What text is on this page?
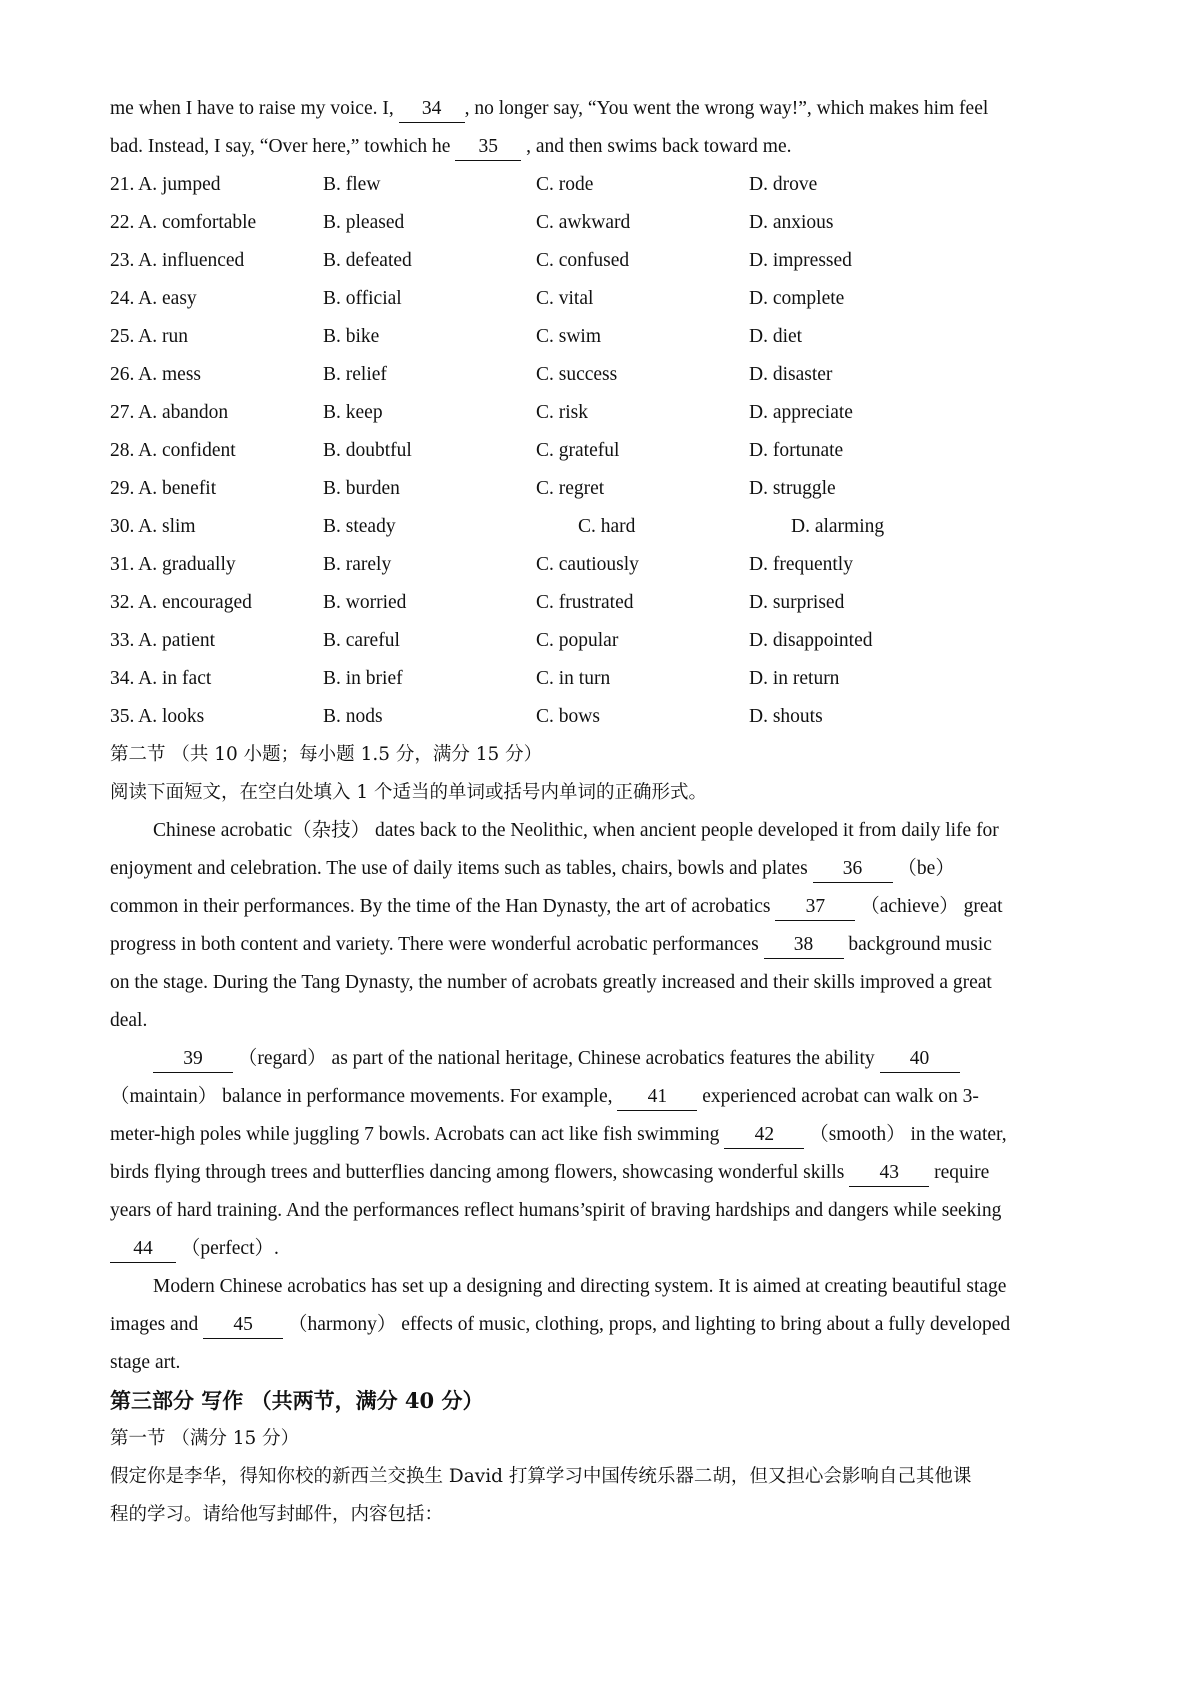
me when I have to raise my voice. I, 34 , no longer say, “You went the wrong way!”, which makes him feel
bad. Instead, I say, “Over here,” towhich he 35 , and then swims back toward me.
21. A. jumped	B. flew	C. rode	D. drove
22. A. comfortable	B. pleased	C. awkward	D. anxious
23. A. influenced	B. defeated	C. confused	D. impressed
24. A. easy	B. official	C. vital	D. complete
25. A. run	B. bike	C. swim	D. diet
26. A. mess	B. relief	C. success	D. disaster
27. A. abandon	B. keep	C. risk	D. appreciate
28. A. confident	B. doubtful	C. grateful	D. fortunate
29. A. benefit	B. burden	C. regret	D. struggle
30. A. slim	B. steady	C. hard	D. alarming
31. A. gradually	B. rarely	C. cautiously	D. frequently
32. A. encouraged	B. worried	C. frustrated	D. surprised
33. A. patient	B. careful	C. popular	D. disappointed
34. A. in fact	B. in brief	C. in turn	D. in return
35. A. looks	B. nods	C. bows	D. shouts
第二节 （共 10 小题；每小题 1.5 分，满分 15 分）
阅读下面短文，在空白处填入 1 个适当的单词或括号内单词的正确形式。
Chinese acrobatic（杂技） dates back to the Neolithic, when ancient people developed it from daily life for
enjoyment and celebration. The use of daily items such as tables, chairs, bowls and plates 36 （be）
common in their performances. By the time of the Han Dynasty, the art of acrobatics 37 （achieve） great
progress in both content and variety. There were wonderful acrobatic performances 38 background music
on the stage. During the Tang Dynasty, the number of acrobats greatly increased and their skills improved a great
deal.
39 （regard） as part of the national heritage, Chinese acrobatics features the ability 40
（maintain） balance in performance movements. For example, 41 experienced acrobat can walk on 3-
meter-high poles while juggling 7 bowls. Acrobats can act like fish swimming 42 （smooth） in the water,
birds flying through trees and butterflies dancing among flowers, showcasing wonderful skills 43 require
years of hard training. And the performances reflect humans’spirit of braving hardships and dangers while seeking
44 （perfect）.
Modern Chinese acrobatics has set up a designing and directing system. It is aimed at creating beautiful stage
images and 45 （harmony） effects of music, clothing, props, and lighting to bring about a fully developed
stage art.
第三部分 写作 （共两节，满分 40 分）
第一节 （满分 15 分）
假定你是李华，得知你校的新西兰交换生 David 打算学习中国传统乐器二胡，但又担心会影响自己其他课
程的学习。请给他写封邮件，内容包括：
